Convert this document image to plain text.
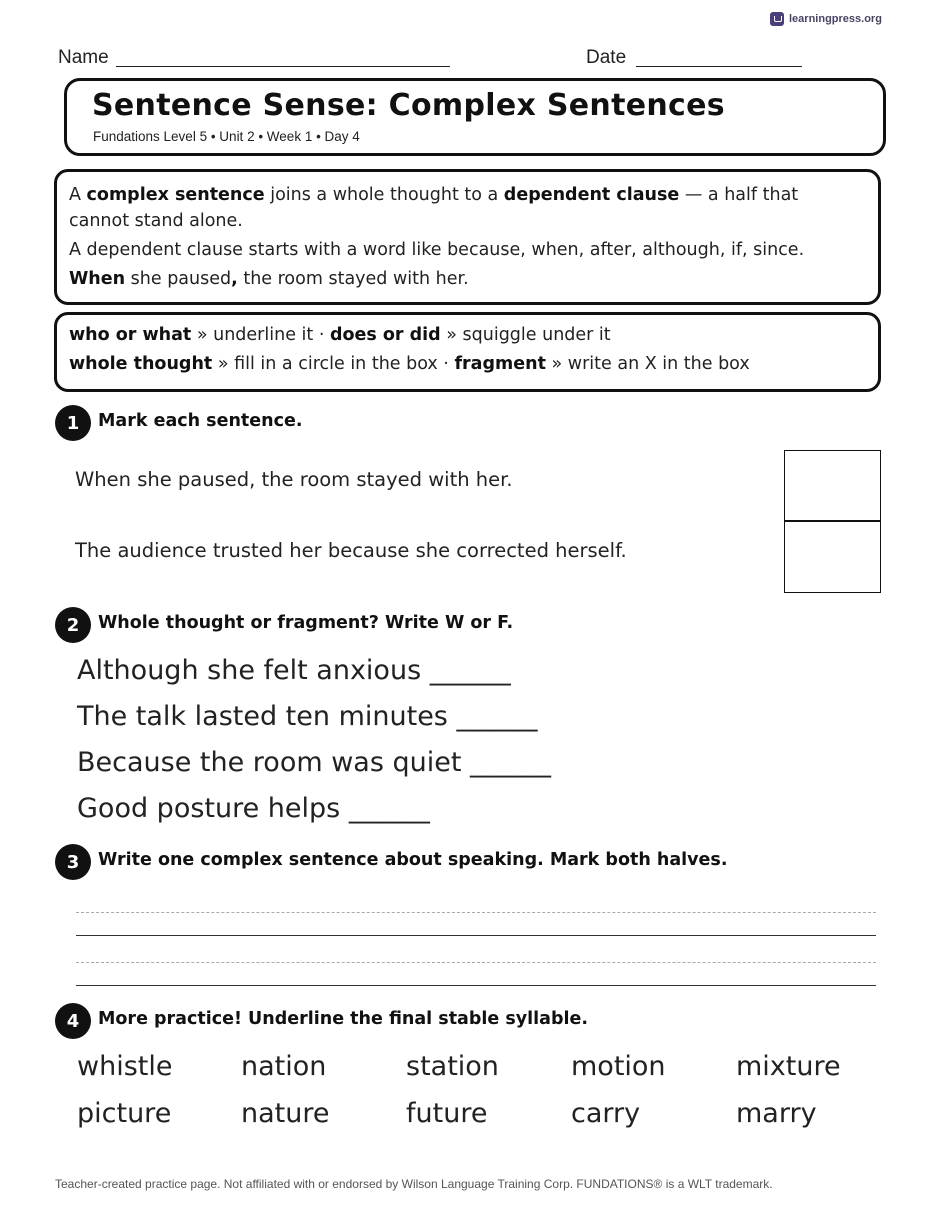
learningpress.org
Name	Date
Sentence Sense: Complex Sentences
Fundations Level 5 • Unit 2 • Week 1 • Day 4
A complex sentence joins a whole thought to a dependent clause — a half that cannot stand alone.
A dependent clause starts with a word like because, when, after, although, if, since.
When she paused, the room stayed with her.
who or what » underline it · does or did » squiggle under it
whole thought » fill in a circle in the box · fragment » write an X in the box
1	Mark each sentence.
When she paused, the room stayed with her.
The audience trusted her because she corrected herself.
2	Whole thought or fragment? Write W or F.
Although she felt anxious ______
The talk lasted ten minutes ______
Because the room was quiet ______
Good posture helps ______
3	Write one complex sentence about speaking. Mark both halves.
4	More practice! Underline the final stable syllable.
whistle	nation	station	motion	mixture
picture	nature	future	carry	marry
Teacher-created practice page. Not affiliated with or endorsed by Wilson Language Training Corp. FUNDATIONS® is a WLT trademark.
